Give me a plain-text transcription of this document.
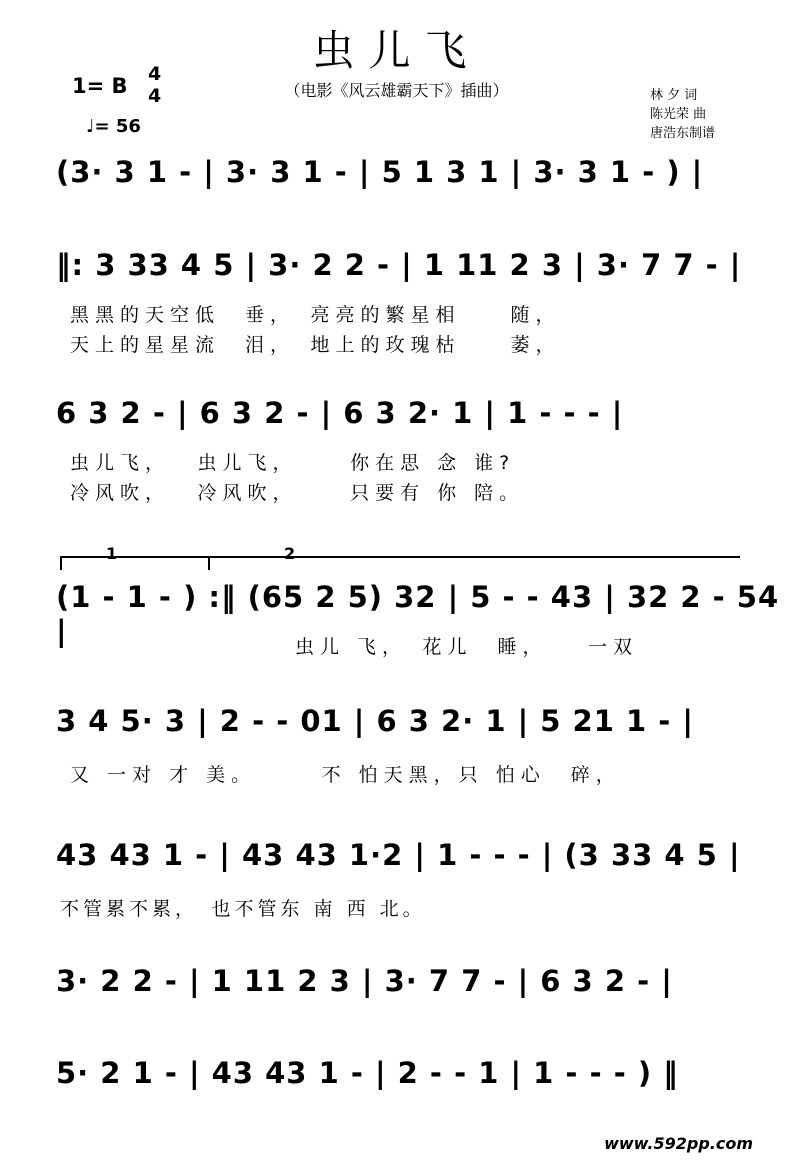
虫儿飞
（电影《风云雄霸天下》插曲）
1= B 4
4
♩= 56
林 夕 词
陈光荣 曲
唐浩东制谱
(3· 3 1 - | 3· 3 1 - | 5 1 3 1 | 3· 3 1 - ) |
‖: 3 33 4 5 | 3· 2 2 - | 1 11 2 3 | 3· 7 7 - |
黑黑的天空低　垂，　亮亮的繁星相　　随，
天上的星星流　泪，　地上的玫瑰枯　　萎，
6 3 2 - | 6 3 2 - | 6 3 2· 1 | 1 - - - |
虫儿飞，　 虫儿飞，　　 你在思 念 谁?
冷风吹，　 冷风吹，　　 只要有 你 陪。
1	2
(1 - 1 - ) :‖ (65 2 5) 32 | 5 - - 43 | 32 2 - 54 | 　　　　　　　　　虫儿 飞，　花儿　睡，　　一双
3 4 5· 3 | 2 - - 01 | 6 3 2· 1 | 5 21 1 - |
又 一对 才 美。　　　不 怕天黑，只 怕心　碎，
43 43 1 - | 43 43 1·2 | 1 - - - | (3 33 4 5 |
不管累不累，　也不管东 南 西 北。
3· 2 2 - | 1 11 2 3 | 3· 7 7 - | 6 3 2 - |
5· 2 1 - | 43 43 1 - | 2 - - 1 | 1 - - - ) ‖
www.592pp.com
